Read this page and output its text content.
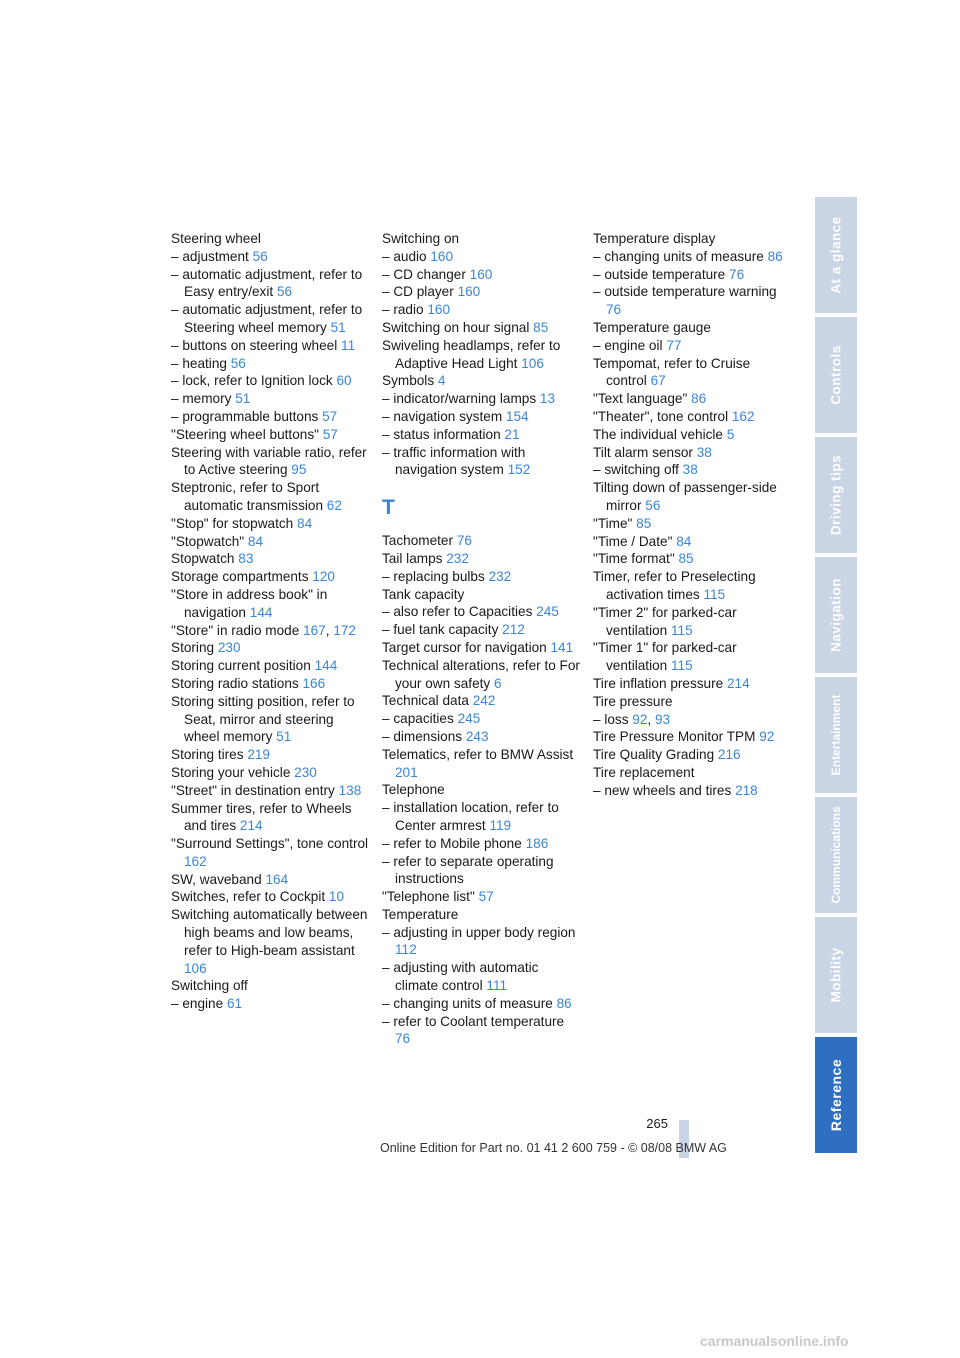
Steering wheel
– adjustment 56
– automatic adjustment, refer to Easy entry/exit 56
– automatic adjustment, refer to Steering wheel memory 51
– buttons on steering wheel 11
– heating 56
– lock, refer to Ignition lock 60
– memory 51
– programmable buttons 57
"Steering wheel buttons" 57
Steering with variable ratio, refer to Active steering 95
Steptronic, refer to Sport automatic transmission 62
"Stop" for stopwatch 84
"Stopwatch" 84
Stopwatch 83
Storage compartments 120
"Store in address book" in navigation 144
"Store" in radio mode 167, 172
Storing 230
Storing current position 144
Storing radio stations 166
Storing sitting position, refer to Seat, mirror and steering wheel memory 51
Storing tires 219
Storing your vehicle 230
"Street" in destination entry 138
Summer tires, refer to Wheels and tires 214
"Surround Settings", tone control 162
SW, waveband 164
Switches, refer to Cockpit 10
Switching automatically between high beams and low beams, refer to High-beam assistant 106
Switching off
– engine 61
Switching on
– audio 160
– CD changer 160
– CD player 160
– radio 160
Switching on hour signal 85
Swiveling headlamps, refer to Adaptive Head Light 106
Symbols 4
– indicator/warning lamps 13
– navigation system 154
– status information 21
– traffic information with navigation system 152
T
Tachometer 76
Tail lamps 232
– replacing bulbs 232
Tank capacity
– also refer to Capacities 245
– fuel tank capacity 212
Target cursor for navigation 141
Technical alterations, refer to For your own safety 6
Technical data 242
– capacities 245
– dimensions 243
Telematics, refer to BMW Assist 201
Telephone
– installation location, refer to Center armrest 119
– refer to Mobile phone 186
– refer to separate operating instructions
"Telephone list" 57
Temperature
– adjusting in upper body region 112
– adjusting with automatic climate control 111
– changing units of measure 86
– refer to Coolant temperature 76
Temperature display
– changing units of measure 86
– outside temperature 76
– outside temperature warning 76
Temperature gauge
– engine oil 77
Tempomat, refer to Cruise control 67
"Text language" 86
"Theater", tone control 162
The individual vehicle 5
Tilt alarm sensor 38
– switching off 38
Tilting down of passenger-side mirror 56
"Time" 85
"Time / Date" 84
"Time format" 85
Timer, refer to Preselecting activation times 115
"Timer 2" for parked-car ventilation 115
"Timer 1" for parked-car ventilation 115
Tire inflation pressure 214
Tire pressure
– loss 92, 93
Tire Pressure Monitor TPM 92
Tire Quality Grading 216
Tire replacement
– new wheels and tires 218
At a glance
Controls
Driving tips
Navigation
Entertainment
Communications
Mobility
Reference
265
Online Edition for Part no. 01 41 2 600 759 - © 08/08 BMW AG
carmanualsonline.info
